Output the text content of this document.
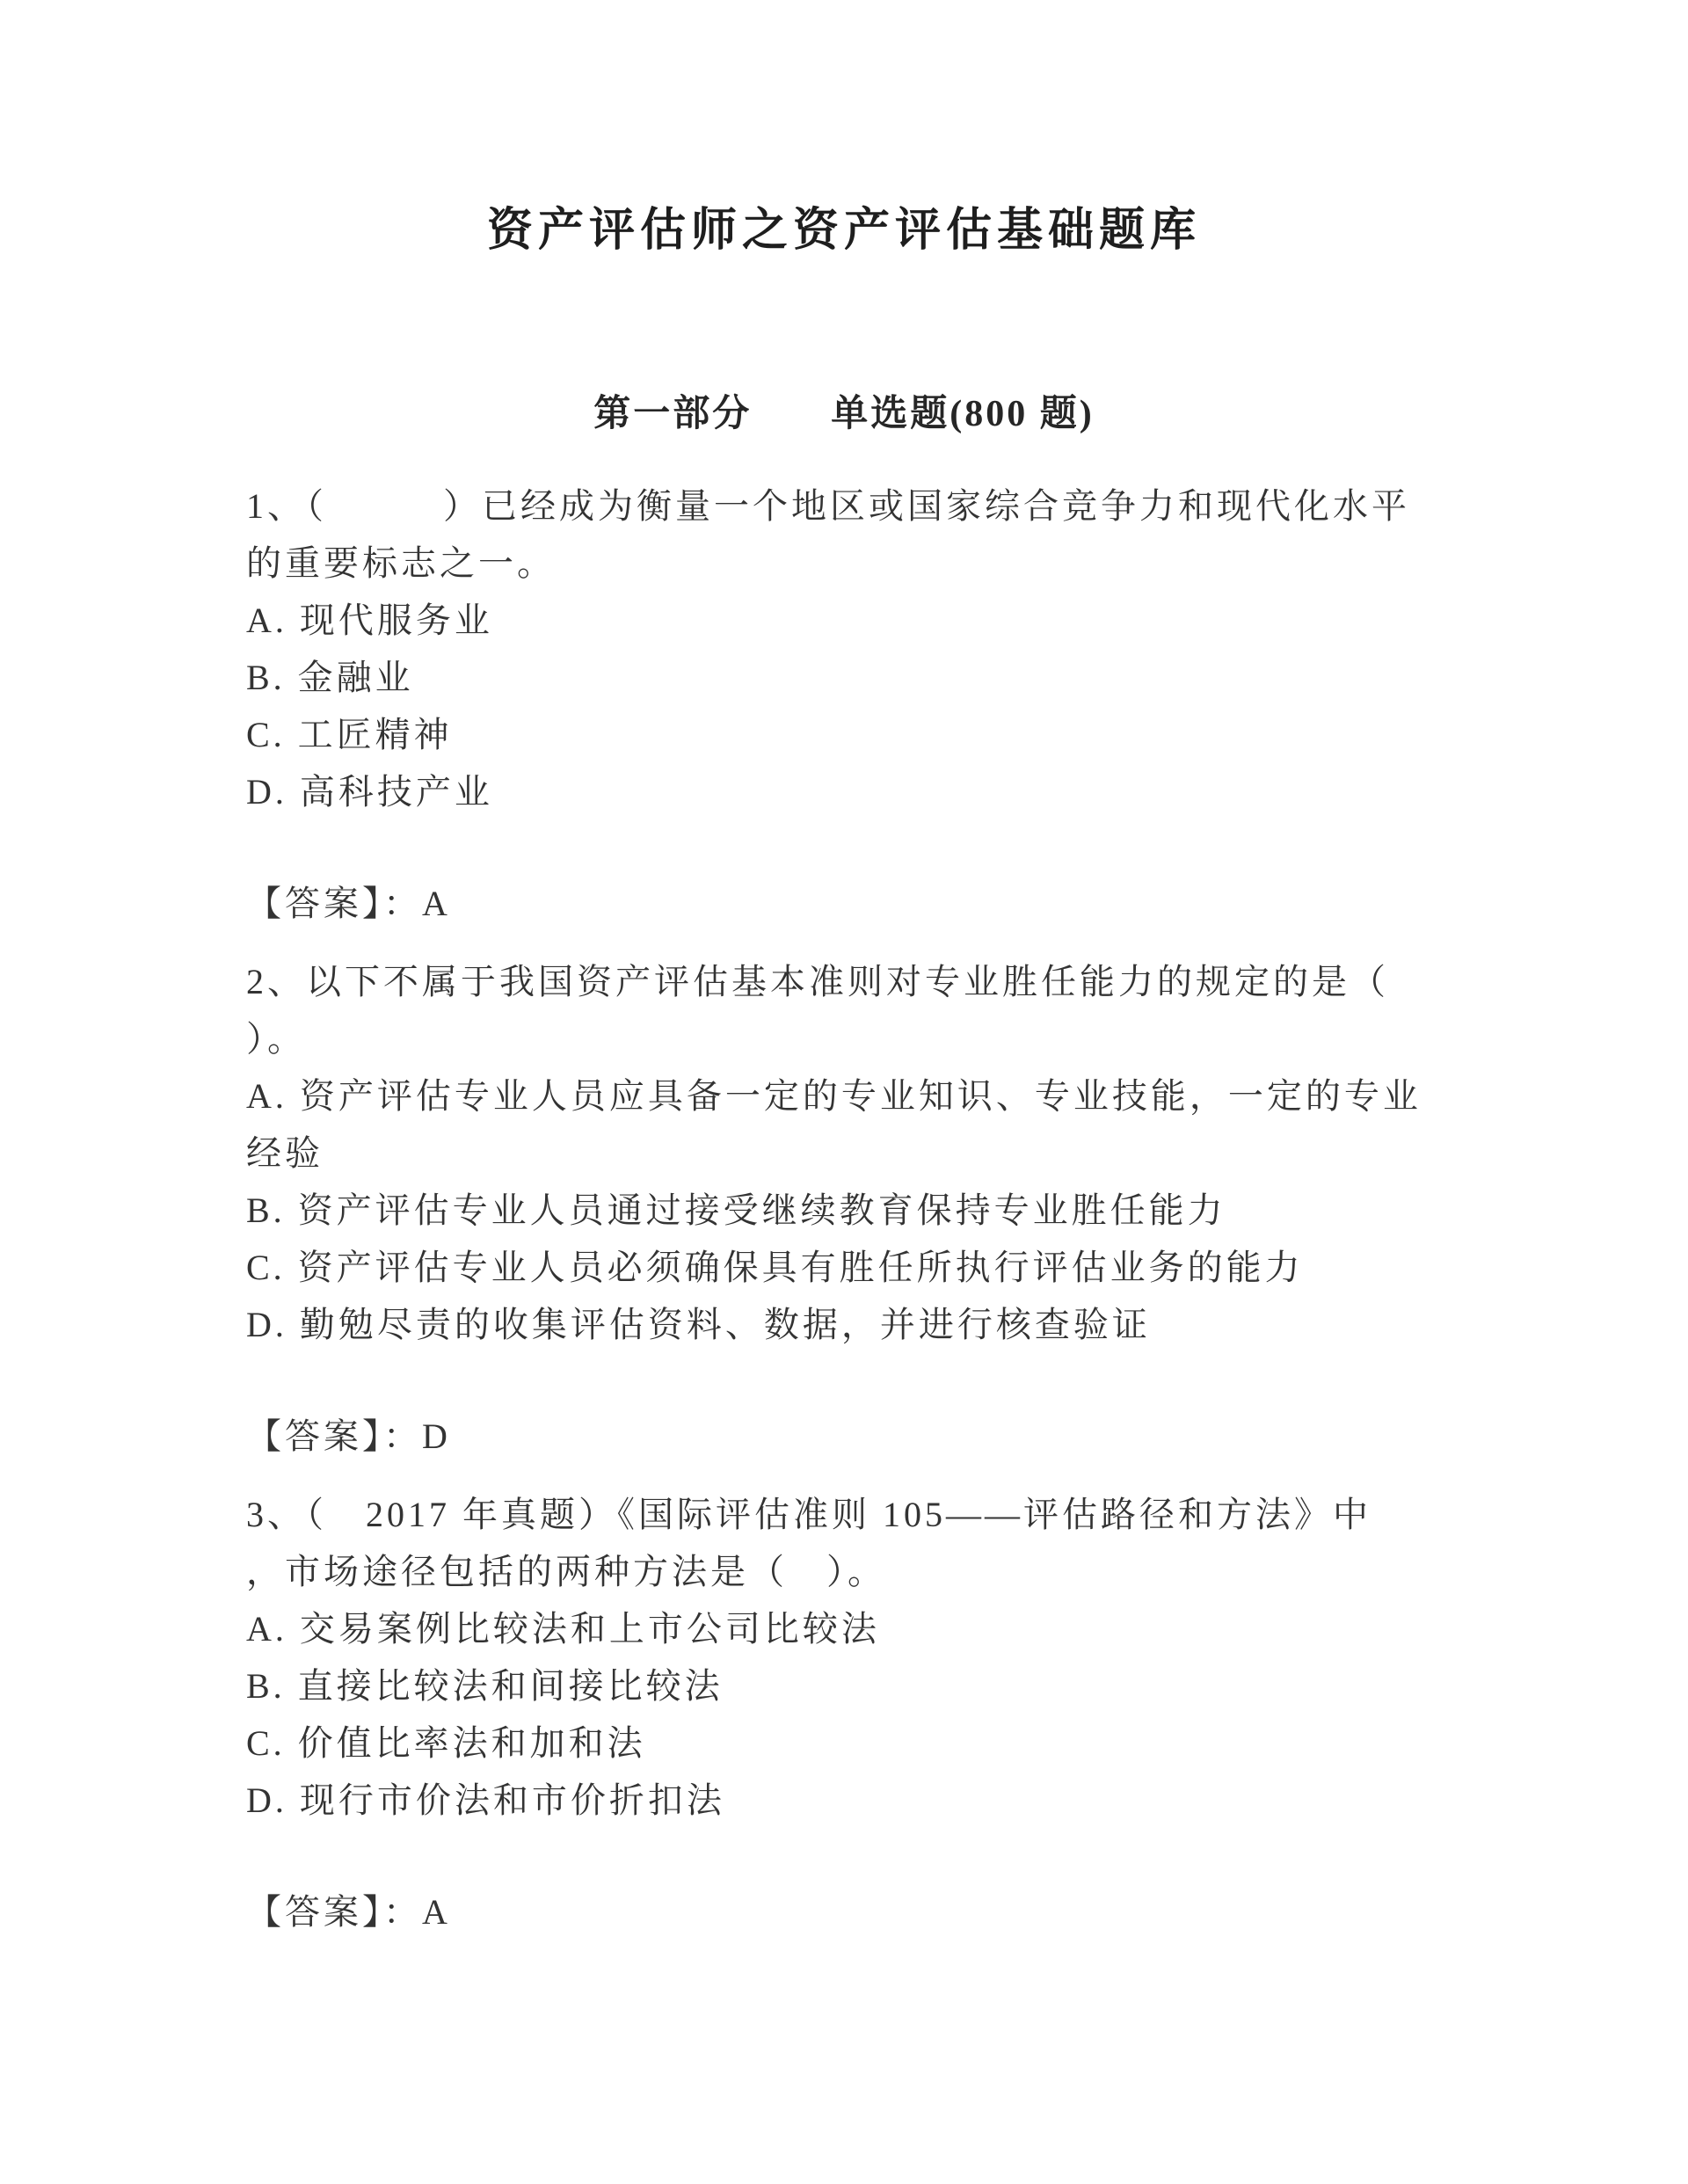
资产评估师之资产评估基础题库
第一部分　　单选题(800 题)
1、（　　　）已经成为衡量一个地区或国家综合竞争力和现代化水平
的重要标志之一。
A. 现代服务业
B. 金融业
C. 工匠精神
D. 高科技产业
【答案】：A
2、以下不属于我国资产评估基本准则对专业胜任能力的规定的是（
）。
A. 资产评估专业人员应具备一定的专业知识、专业技能，一定的专业
经验
B. 资产评估专业人员通过接受继续教育保持专业胜任能力
C. 资产评估专业人员必须确保具有胜任所执行评估业务的能力
D. 勤勉尽责的收集评估资料、数据，并进行核查验证
【答案】：D
3、（　2017 年真题）《国际评估准则 105——评估路径和方法》中
，市场途径包括的两种方法是（　）。
A. 交易案例比较法和上市公司比较法
B. 直接比较法和间接比较法
C. 价值比率法和加和法
D. 现行市价法和市价折扣法
【答案】：A
